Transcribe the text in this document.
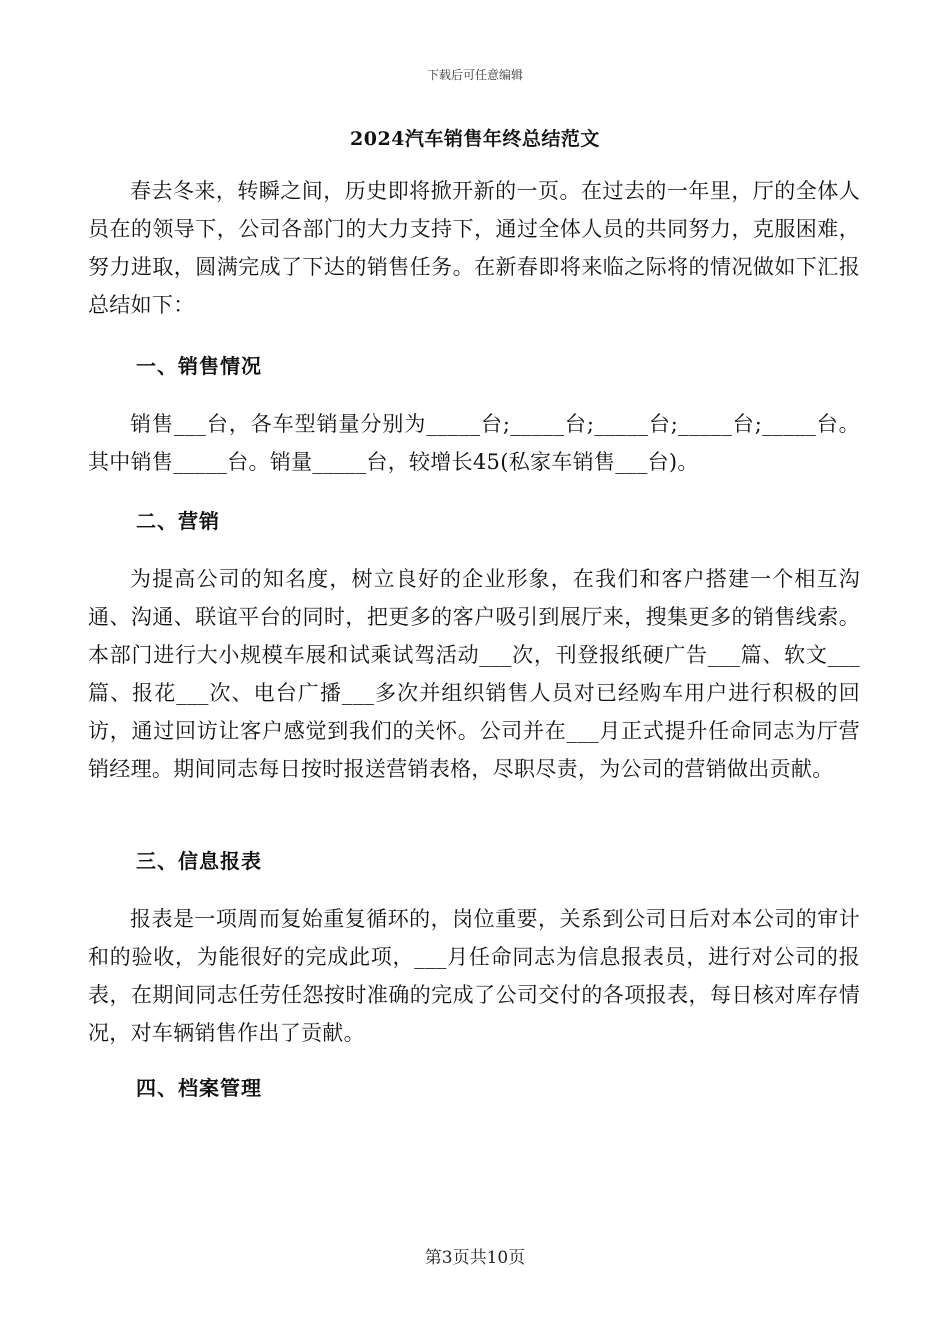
下载后可任意编辑
2024汽车销售年终总结范文

春去冬来，转瞬之间，历史即将掀开新的一页。在过去的一年里，厅的全体人员在的领导下，公司各部门的大力支持下，通过全体人员的共同努力，克服困难，努力进取，圆满完成了下达的销售任务。在新春即将来临之际将的情况做如下汇报总结如下：

一、销售情况

销售___台，各车型销量分别为_____台;_____台;_____台;_____台;_____台。其中销售_____台。销量_____台，较增长45(私家车销售___台)。

二、营销

为提高公司的知名度，树立良好的企业形象，在我们和客户搭建一个相互沟通、沟通、联谊平台的同时，把更多的客户吸引到展厅来，搜集更多的销售线索。本部门进行大小规模车展和试乘试驾活动___次，刊登报纸硬广告___篇、软文___篇、报花___次、电台广播___多次并组织销售人员对已经购车用户进行积极的回访，通过回访让客户感觉到我们的关怀。公司并在___月正式提升任命同志为厅营销经理。期间同志每日按时报送营销表格，尽职尽责，为公司的营销做出贡献。

三、信息报表

报表是一项周而复始重复循环的，岗位重要，关系到公司日后对本公司的审计和的验收，为能很好的完成此项，___月任命同志为信息报表员，进行对公司的报表，在期间同志任劳任怨按时准确的完成了公司交付的各项报表，每日核对库存情况，对车辆销售作出了贡献。

四、档案管理
第3页共10页
